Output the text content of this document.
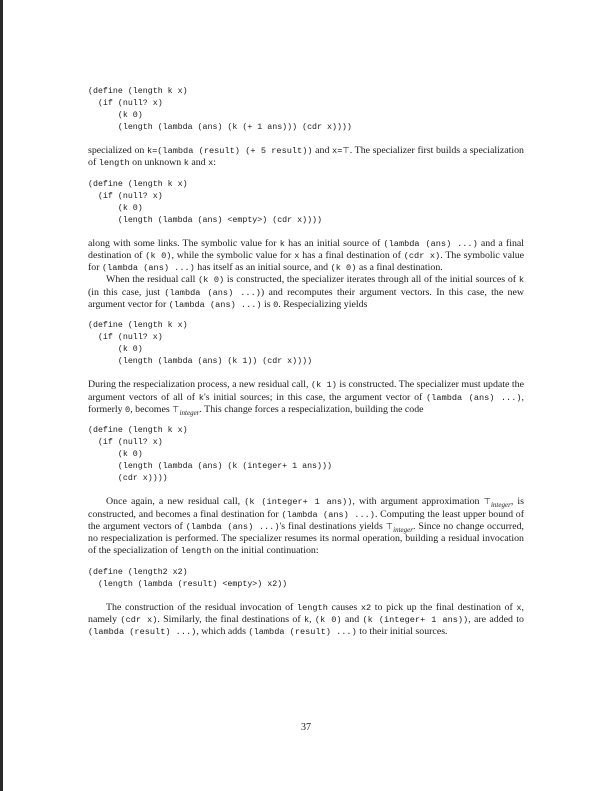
(define (length k x)
(if (null? x)
(k 0)
(length (lambda (ans) (k (+ 1 ans))) (cdr x))))

specialized on k=(lambda (result) (+ 5 result)) and x=⊤. The specializer first builds a specialization of length on unknown k and x:

(define (length k x)
(if (null? x)
(k 0)
(length (lambda (ans) <empty>) (cdr x))))

along with some links. The symbolic value for k has an initial source of (lambda (ans) ...) and a final destination of (k 0), while the symbolic value for x has a final destination of (cdr x). The symbolic value for (lambda (ans) ...) has itself as an initial source, and (k 0) as a final destination.

When the residual call (k 0) is constructed, the specializer iterates through all of the initial sources of k (in this case, just (lambda (ans) ...)) and recomputes their argument vectors. In this case, the new argument vector for (lambda (ans) ...) is 0. Respecializing yields

(define (length k x)
(if (null? x)
(k 0)
(length (lambda (ans) (k 1)) (cdr x))))

During the respecialization process, a new residual call, (k 1) is constructed. The specializer must update the argument vectors of all of k's initial sources; in this case, the argument vector of (lambda (ans) ...), formerly 0, becomes $⊤_{integer}$. This change forces a respecialization, building the code

(define (length k x)
(if (null? x)
(k 0)
(length (lambda (ans) (k (integer+ 1 ans)))
(cdr x))))

Once again, a new residual call, (k (integer+ 1 ans)), with argument approximation $⊤_{integer}$, is constructed, and becomes a final destination for (lambda (ans) ...). Computing the least upper bound of the argument vectors of (lambda (ans) ...)'s final destinations yields $⊤_{integer}$. Since no change occurred, no respecialization is performed. The specializer resumes its normal operation, building a residual invocation of the specialization of length on the initial continuation:

(define (length2 x2)
(length (lambda (result) <empty>) x2))

The construction of the residual invocation of length causes x2 to pick up the final destination of x, namely (cdr x). Similarly, the final destinations of k, (k 0) and (k (integer+ 1 ans)), are added to (lambda (result) ...), which adds (lambda (result) ...) to their initial sources.

37
